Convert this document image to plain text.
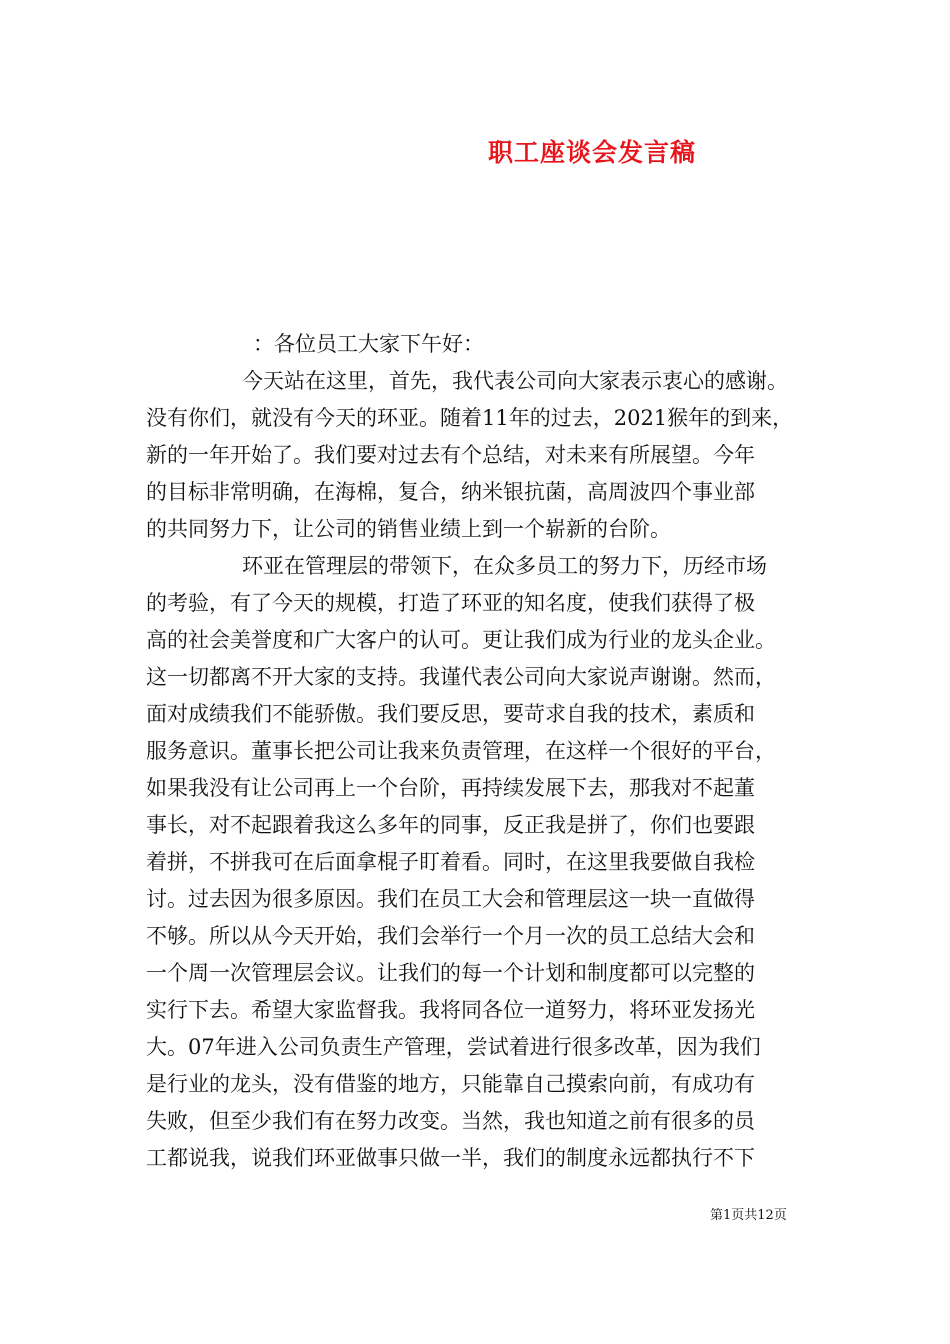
职工座谈会发言稿
：各位员工大家下午好：
今天站在这里，首先，我代表公司向大家表示衷心的感谢。
没有你们，就没有今天的环亚。随着11年的过去，2021猴年的到来，
新的一年开始了。我们要对过去有个总结，对未来有所展望。今年
的目标非常明确，在海棉，复合，纳米银抗菌，高周波四个事业部
的共同努力下，让公司的销售业绩上到一个崭新的台阶。
环亚在管理层的带领下，在众多员工的努力下，历经市场
的考验，有了今天的规模，打造了环亚的知名度，使我们获得了极
高的社会美誉度和广大客户的认可。更让我们成为行业的龙头企业。
这一切都离不开大家的支持。我谨代表公司向大家说声谢谢。然而，
面对成绩我们不能骄傲。我们要反思，要苛求自我的技术，素质和
服务意识。董事长把公司让我来负责管理，在这样一个很好的平台，
如果我没有让公司再上一个台阶，再持续发展下去，那我对不起董
事长，对不起跟着我这么多年的同事，反正我是拼了，你们也要跟
着拼，不拼我可在后面拿棍子盯着看。同时，在这里我要做自我检
讨。过去因为很多原因。我们在员工大会和管理层这一块一直做得
不够。所以从今天开始，我们会举行一个月一次的员工总结大会和
一个周一次管理层会议。让我们的每一个计划和制度都可以完整的
实行下去。希望大家监督我。我将同各位一道努力，将环亚发扬光
大。07年进入公司负责生产管理，尝试着进行很多改革，因为我们
是行业的龙头，没有借鉴的地方，只能靠自己摸索向前，有成功有
失败，但至少我们有在努力改变。当然，我也知道之前有很多的员
工都说我，说我们环亚做事只做一半，我们的制度永远都执行不下
第1页共12页
